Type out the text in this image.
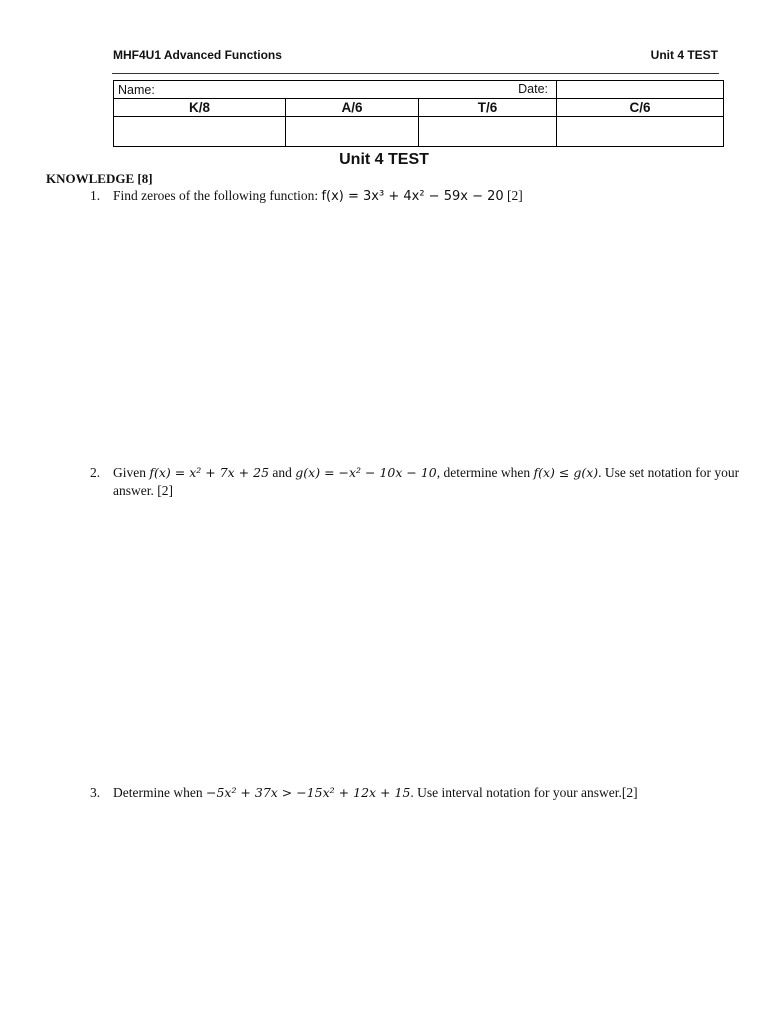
MHF4U1 Advanced Functions	Unit 4 TEST
Name: Date:			

K/8	A/6	T/6	C/6

Unit 4 TEST
KNOWLEDGE [8]
1. Find zeroes of the following function: f(x) = 3x³ + 4x² − 59x − 20 [2]
2. Given f(x) = x² + 7x + 25 and g(x) = −x² − 10x − 10, determine when f(x) ≤ g(x). Use set notation for your
answer. [2]
3. Determine when −5x² + 37x > −15x² + 12x + 15. Use interval notation for your answer.[2]
